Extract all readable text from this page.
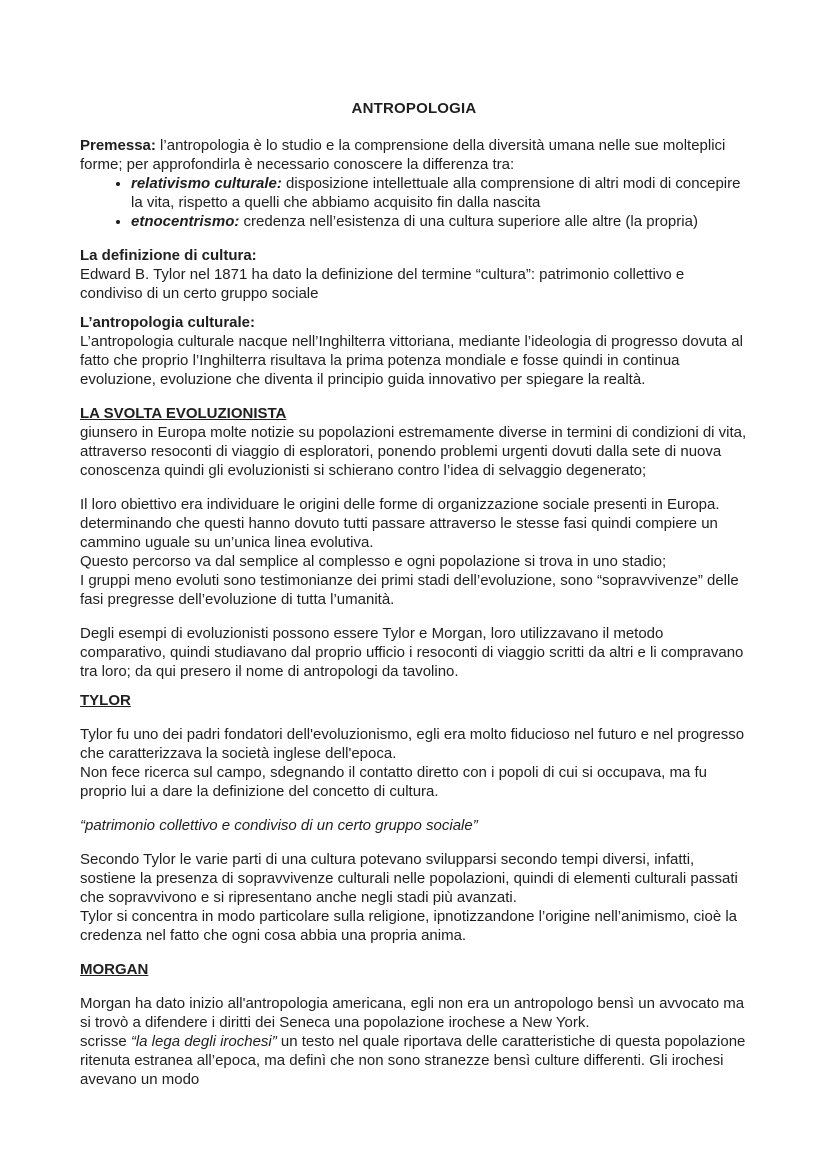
ANTROPOLOGIA

Premessa: l’antropologia è lo studio e la comprensione della diversità umana nelle sue molteplici forme; per approfondirla è necessario conoscere la differenza tra:

• relativismo culturale: disposizione intellettuale alla comprensione di altri modi di concepire la vita, rispetto a quelli che abbiamo acquisito fin dalla nascita
• etnocentrismo: credenza nell’esistenza di una cultura superiore alle altre (la propria)

La definizione di cultura:

Edward B. Tylor nel 1871 ha dato la definizione del termine “cultura”: patrimonio collettivo e condiviso di un certo gruppo sociale

L’antropologia culturale:

L’antropologia culturale nacque nell’Inghilterra vittoriana, mediante l’ideologia di progresso dovuta al fatto che proprio l’Inghilterra risultava la prima potenza mondiale e fosse quindi in continua evoluzione, evoluzione che diventa il principio guida innovativo per spiegare la realtà.

LA SVOLTA EVOLUZIONISTA

giunsero in Europa molte notizie su popolazioni estremamente diverse in termini di condizioni di vita, attraverso resoconti di viaggio di esploratori, ponendo problemi urgenti dovuti dalla sete di nuova conoscenza quindi gli evoluzionisti si schierano contro l’idea di selvaggio degenerato;

Il loro obiettivo era individuare le origini delle forme di organizzazione sociale presenti in Europa. determinando che questi hanno dovuto tutti passare attraverso le stesse fasi quindi compiere un cammino uguale su un’unica linea evolutiva.

Questo percorso va dal semplice al complesso e ogni popolazione si trova in uno stadio;

I gruppi meno evoluti sono testimonianze dei primi stadi dell’evoluzione, sono “sopravvivenze” delle fasi pregresse dell’evoluzione di tutta l’umanità.

Degli esempi di evoluzionisti possono essere Tylor e Morgan, loro utilizzavano il metodo comparativo, quindi studiavano dal proprio ufficio i resoconti di viaggio scritti da altri e li compravano tra loro; da qui presero il nome di antropologi da tavolino.

TYLOR

Tylor fu uno dei padri fondatori dell'evoluzionismo, egli era molto fiducioso nel futuro e nel progresso che caratterizzava la società inglese dell'epoca.

Non fece ricerca sul campo, sdegnando il contatto diretto con i popoli di cui si occupava, ma fu proprio lui a dare la definizione del concetto di cultura.

“patrimonio collettivo e condiviso di un certo gruppo sociale”

Secondo Tylor le varie parti di una cultura potevano svilupparsi secondo tempi diversi, infatti, sostiene la presenza di sopravvivenze culturali nelle popolazioni, quindi di elementi culturali passati che sopravvivono e si ripresentano anche negli stadi più avanzati.

Tylor si concentra in modo particolare sulla religione, ipnotizzandone l’origine nell’animismo, cioè la credenza nel fatto che ogni cosa abbia una propria anima.

MORGAN

Morgan ha dato inizio all'antropologia americana, egli non era un antropologo bensì un avvocato ma si trovò a difendere i diritti dei Seneca una popolazione irochese a New York.

scrisse “la lega degli irochesi” un testo nel quale riportava delle caratteristiche di questa popolazione ritenuta estranea all’epoca, ma definì che non sono stranezze bensì culture differenti. Gli irochesi avevano un modo
